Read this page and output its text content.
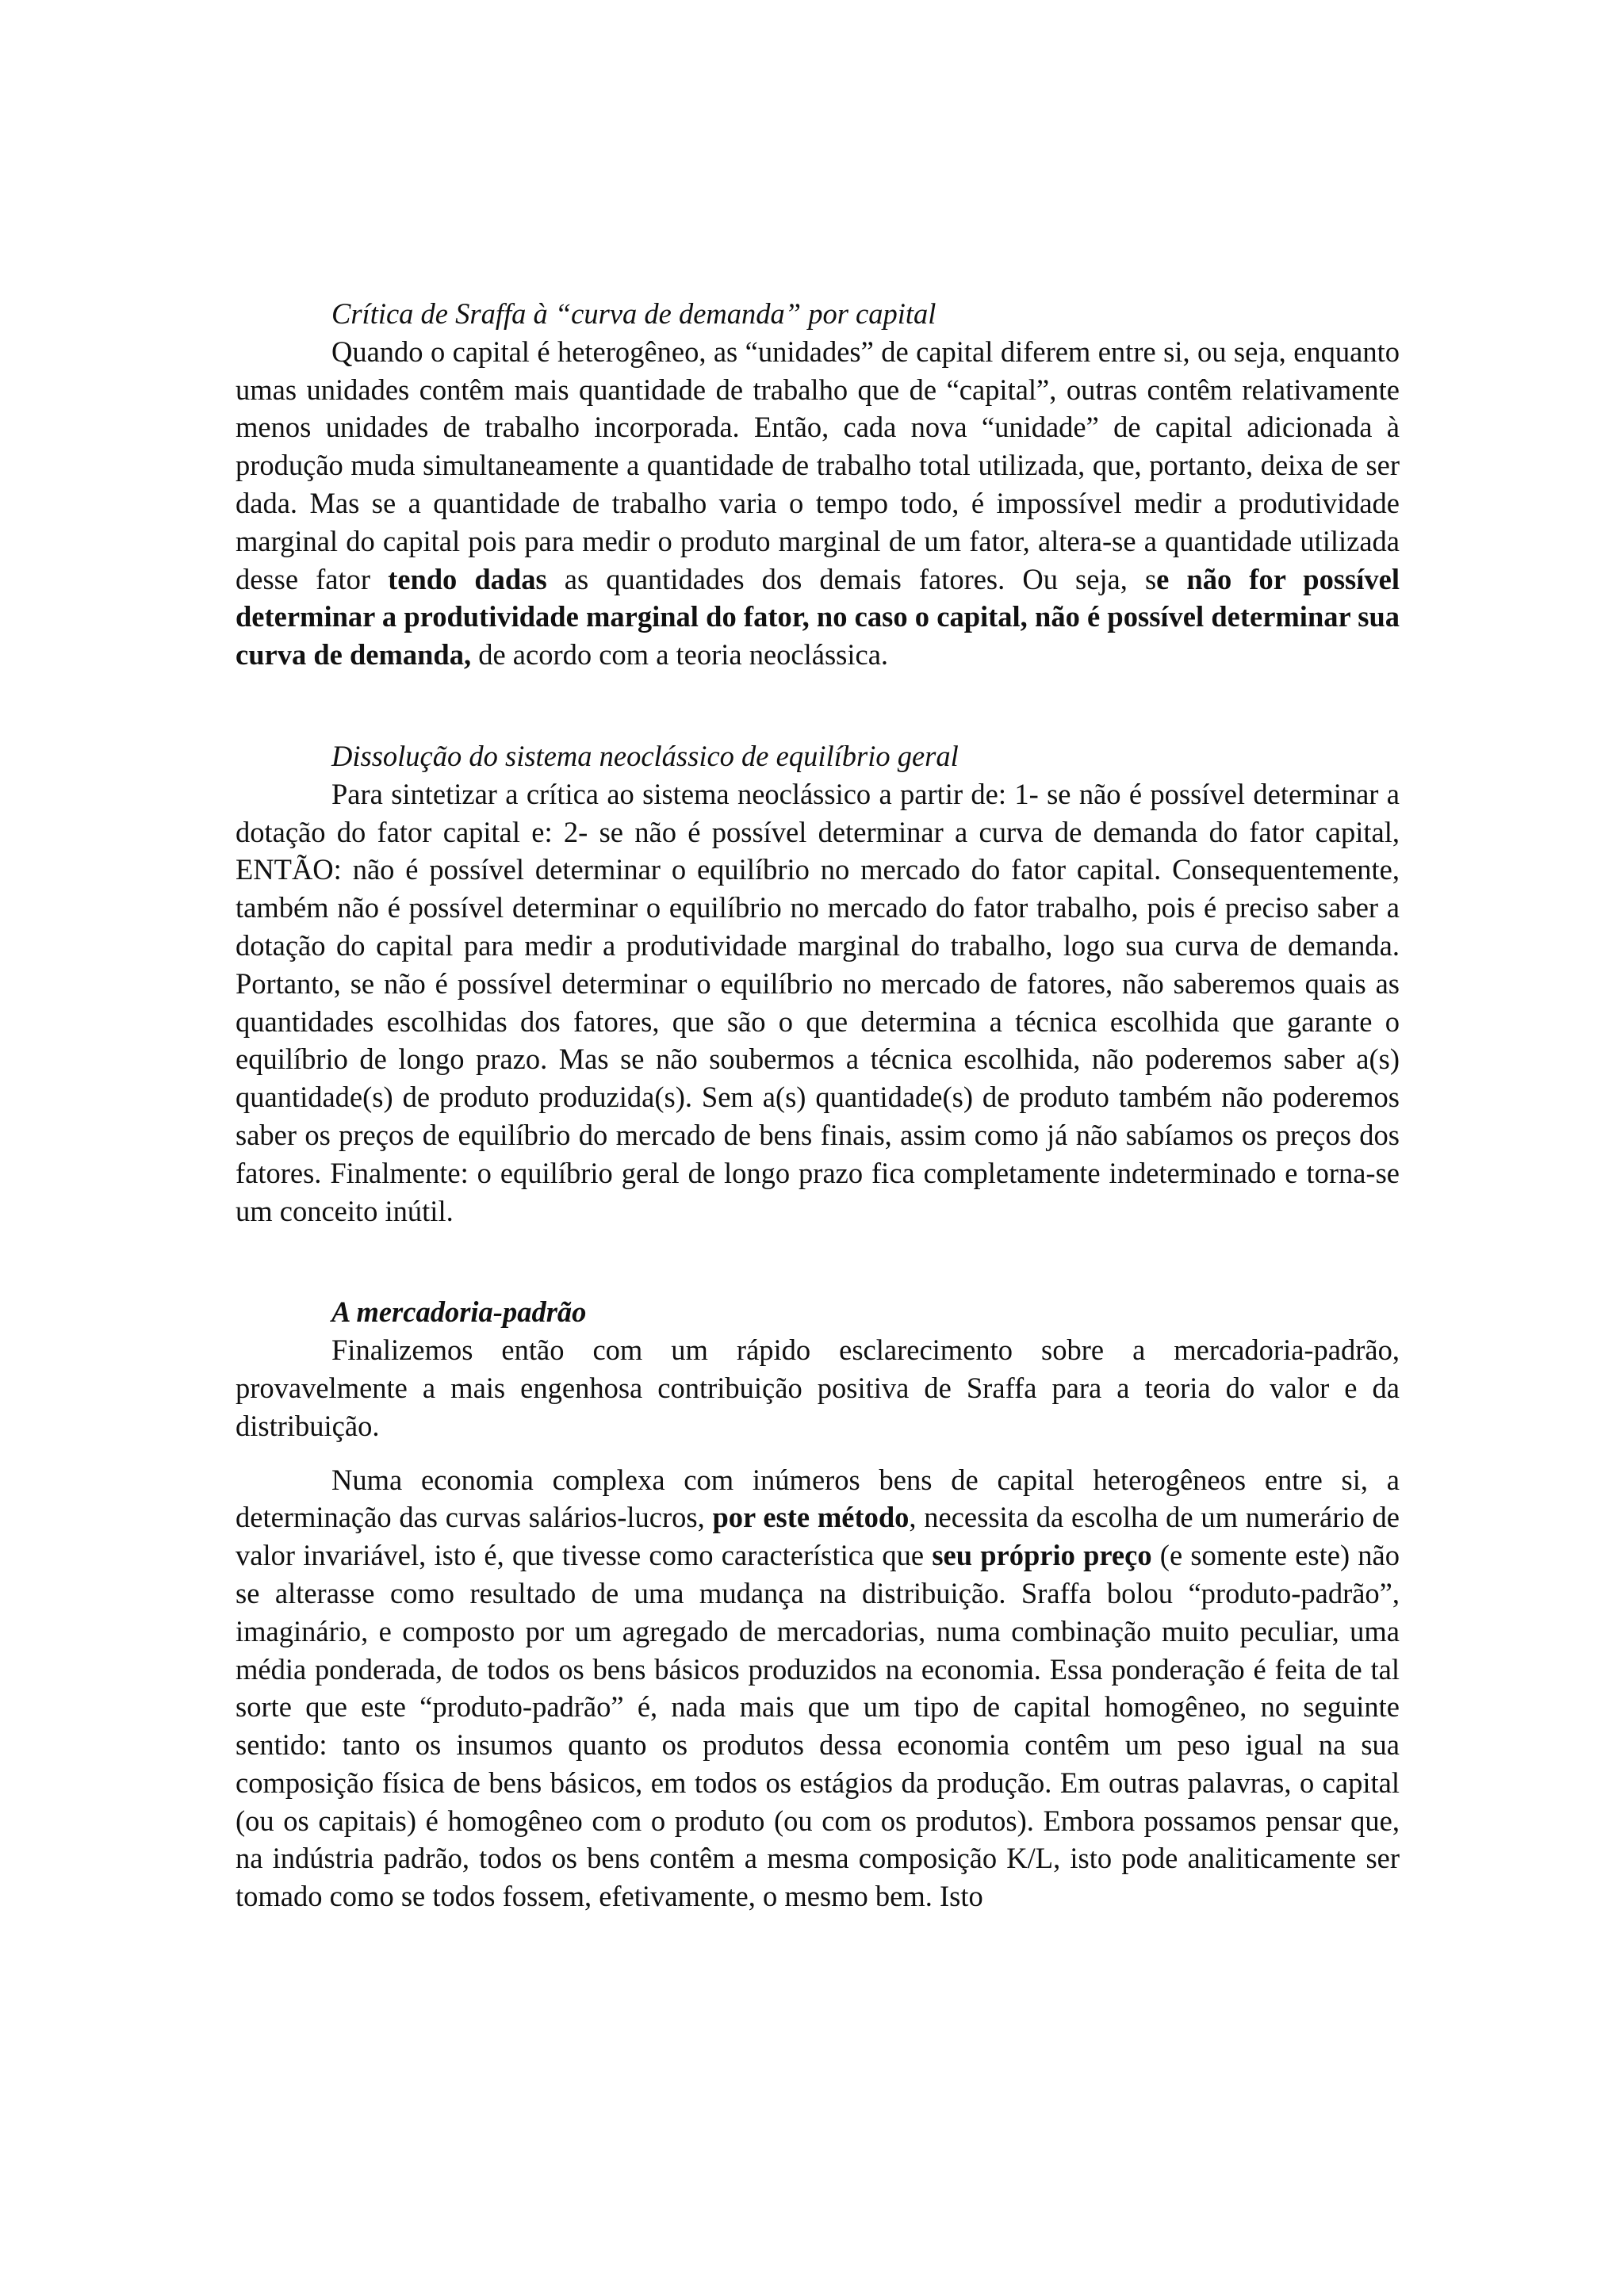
Crítica de Sraffa à “curva de demanda” por capital

Quando o capital é heterogêneo, as “unidades” de capital diferem entre si, ou seja, enquanto umas unidades contêm mais quantidade de trabalho que de “capital”, outras contêm relativamente menos unidades de trabalho incorporada. Então, cada nova “unidade” de capital adicionada à produção muda simultaneamente a quantidade de trabalho total utilizada, que, portanto, deixa de ser dada. Mas se a quantidade de trabalho varia o tempo todo, é impossível medir a produtividade marginal do capital pois para medir o produto marginal de um fator, altera-se a quantidade utilizada desse fator tendo dadas as quantidades dos demais fatores. Ou seja, se não for possível determinar a produtividade marginal do fator, no caso o capital, não é possível determinar sua curva de demanda, de acordo com a teoria neoclássica.

Dissolução do sistema neoclássico de equilíbrio geral

Para sintetizar a crítica ao sistema neoclássico a partir de: 1- se não é possível determinar a dotação do fator capital e: 2- se não é possível determinar a curva de demanda do fator capital, ENTÃO: não é possível determinar o equilíbrio no mercado do fator capital. Consequentemente, também não é possível determinar o equilíbrio no mercado do fator trabalho, pois é preciso saber a dotação do capital para medir a produtividade marginal do trabalho, logo sua curva de demanda. Portanto, se não é possível determinar o equilíbrio no mercado de fatores, não saberemos quais as quantidades escolhidas dos fatores, que são o que determina a técnica escolhida que garante o equilíbrio de longo prazo. Mas se não soubermos a técnica escolhida, não poderemos saber a(s) quantidade(s) de produto produzida(s). Sem a(s) quantidade(s) de produto também não poderemos saber os preços de equilíbrio do mercado de bens finais, assim como já não sabíamos os preços dos fatores. Finalmente: o equilíbrio geral de longo prazo fica completamente indeterminado e torna-se um conceito inútil.

A mercadoria-padrão

Finalizemos então com um rápido esclarecimento sobre a mercadoria-padrão, provavelmente a mais engenhosa contribuição positiva de Sraffa para a teoria do valor e da distribuição.

Numa economia complexa com inúmeros bens de capital heterogêneos entre si, a determinação das curvas salários-lucros, por este método, necessita da escolha de um numerário de valor invariável, isto é, que tivesse como característica que seu próprio preço (e somente este) não se alterasse como resultado de uma mudança na distribuição. Sraffa bolou “produto-padrão”, imaginário, e composto por um agregado de mercadorias, numa combinação muito peculiar, uma média ponderada, de todos os bens básicos produzidos na economia. Essa ponderação é feita de tal sorte que este “produto-padrão” é, nada mais que um tipo de capital homogêneo, no seguinte sentido: tanto os insumos quanto os produtos dessa economia contêm um peso igual na sua composição física de bens básicos, em todos os estágios da produção. Em outras palavras, o capital (ou os capitais) é homogêneo com o produto (ou com os produtos). Embora possamos pensar que, na indústria padrão, todos os bens contêm a mesma composição K/L, isto pode analiticamente ser tomado como se todos fossem, efetivamente, o mesmo bem. Isto
